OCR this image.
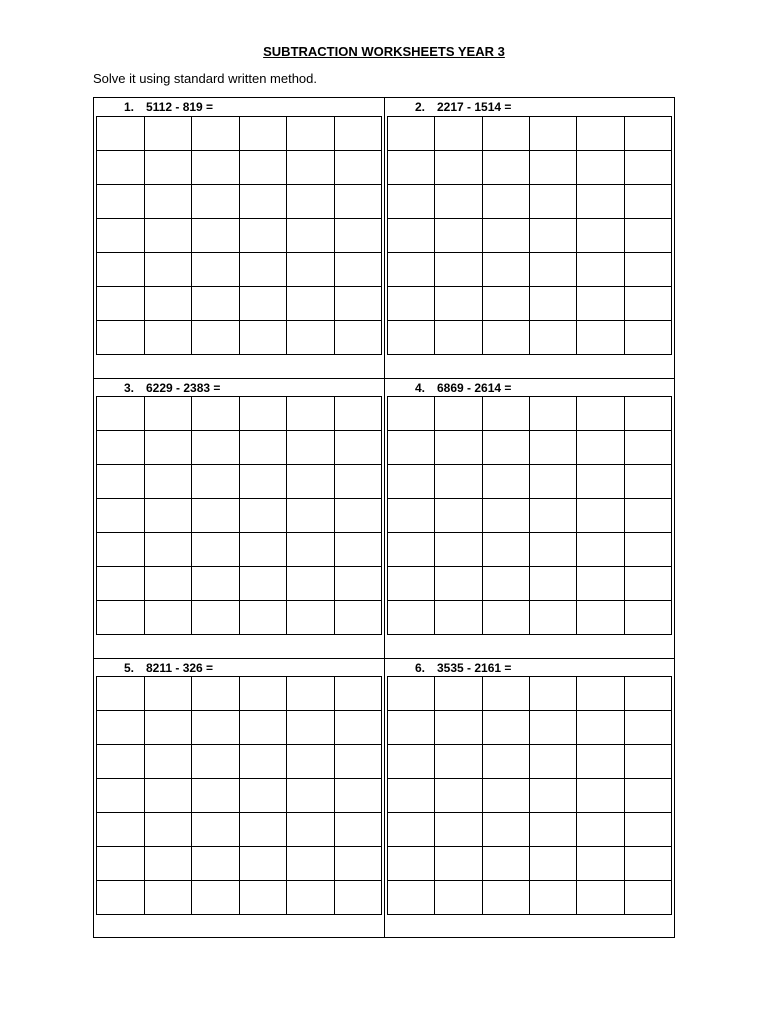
SUBTRACTION WORKSHEETS YEAR 3
Solve it using standard written method.
1. 5112 - 819 =

						2. 2217 - 1514 =

3. 6229 - 2383 =

						4. 6869 - 2614 =

5. 8211 - 326 =

						6. 3535 - 2161 =
